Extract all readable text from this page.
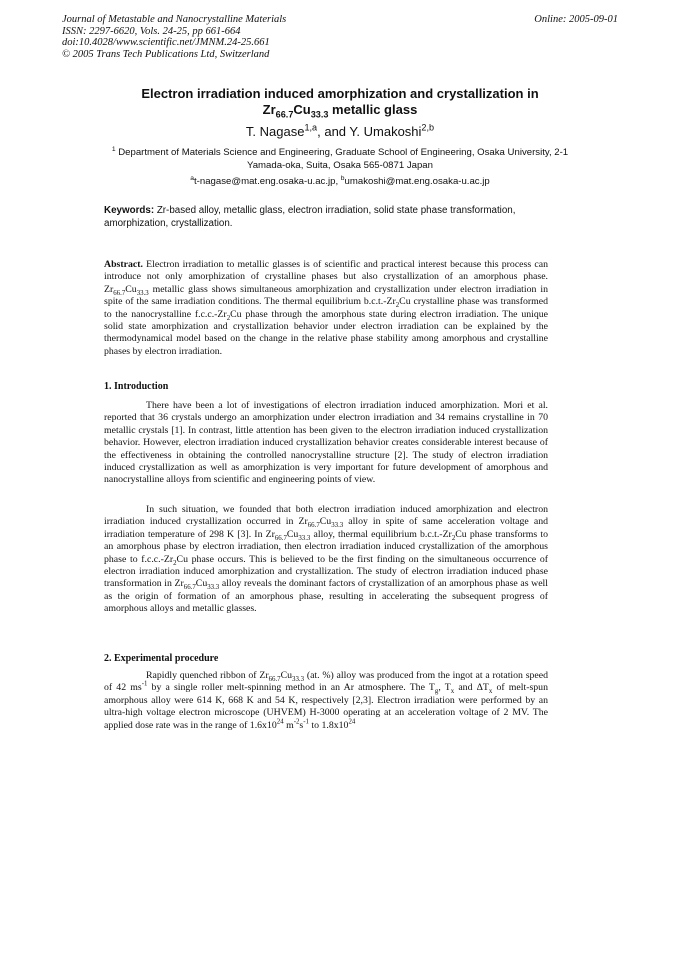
Journal of Metastable and Nanocrystalline Materials
ISSN: 2297-6620, Vols. 24-25, pp 661-664
doi:10.4028/www.scientific.net/JMNM.24-25.661
© 2005 Trans Tech Publications Ltd, Switzerland
Online: 2005-09-01
Electron irradiation induced amorphization and crystallization in
$Zr_{66.7}Cu_{33.3}$ metallic glass
T. Nagase$^{1,a}$, and Y. Umakoshi$^{2,b}$
$^1$ Department of Materials Science and Engineering, Graduate School of Engineering, Osaka University, 2-1 Yamada-oka, Suita, Osaka 565-0871 Japan
$^a$t-nagase@mat.eng.osaka-u.ac.jp, $^b$umakoshi@mat.eng.osaka-u.ac.jp
Keywords: Zr-based alloy, metallic glass, electron irradiation, solid state phase transformation, amorphization, crystallization.
Abstract. Electron irradiation to metallic glasses is of scientific and practical interest because this process can introduce not only amorphization of crystalline phases but also crystallization of an amorphous phase. $Zr_{66.7}Cu_{33.3}$ metallic glass shows simultaneous amorphization and crystallization under electron irradiation in spite of the same irradiation conditions. The thermal equilibrium $b.c.t.-Zr_2Cu$ crystalline phase was transformed to the nanocrystalline $f.c.c.-Zr_2Cu$ phase through the amorphous state during electron irradiation. The unique solid state amorphization and crystallization behavior under electron irradiation can be explained by the thermodynamical model based on the change in the relative phase stability among amorphous and crystalline phases by electron irradiation.
1. Introduction

There have been a lot of investigations of electron irradiation induced amorphization. Mori et al. reported that 36 crystals undergo an amorphization under electron irradiation and 34 remains crystalline in 70 metallic crystals [1]. In contrast, little attention has been given to the electron irradiation induced crystallization behavior. However, electron irradiation induced crystallization behavior creates considerable interest because of the effectiveness in obtaining the controlled nanocrystalline structure [2]. The study of electron irradiation induced crystallization as well as amorphization is very important for future development of amorphous and nanocrystalline alloys from scientific and engineering points of view.

In such situation, we founded that both electron irradiation induced amorphization and electron irradiation induced crystallization occurred in $Zr_{66.7}Cu_{33.3}$ alloy in spite of same acceleration voltage and irradiation temperature of 298 K [3]. In $Zr_{66.7}Cu_{33.3}$ alloy, thermal equilibrium $b.c.t.-Zr_2Cu$ phase transforms to an amorphous phase by electron irradiation, then electron irradiation induced crystallization of the amorphous phase to $f.c.c.-Zr_2Cu$ phase occurs. This is believed to be the first finding on the simultaneous occurrence of electron irradiation induced amorphization and crystallization. The study of electron irradiation induced phase transformation in $Zr_{66.7}Cu_{33.3}$ alloy reveals the dominant factors of crystallization of an amorphous phase as well as the origin of formation of an amorphous phase, resulting in accelerating the subsequent progress of amorphous alloys and metallic glasses.

2. Experimental procedure

Rapidly quenched ribbon of $Zr_{66.7}Cu_{33.3}$ (at. %) alloy was produced from the ingot at a rotation speed of 42 $ms^{-1}$ by a single roller melt-spinning method in an Ar atmosphere. The $T_g$, $T_x$ and $\Delta T_x$ of melt-spun amorphous alloy were 614 K, 668 K and 54 K, respectively [2,3]. Electron irradiation were performed by an ultra-high voltage electron microscope (UHVEM) H-3000 operating at an acceleration voltage of 2 MV. The applied dose rate was in the range of $1.6x10^{24}$ $m^{-2}s^{-1}$ to $1.8x10^{24}$
